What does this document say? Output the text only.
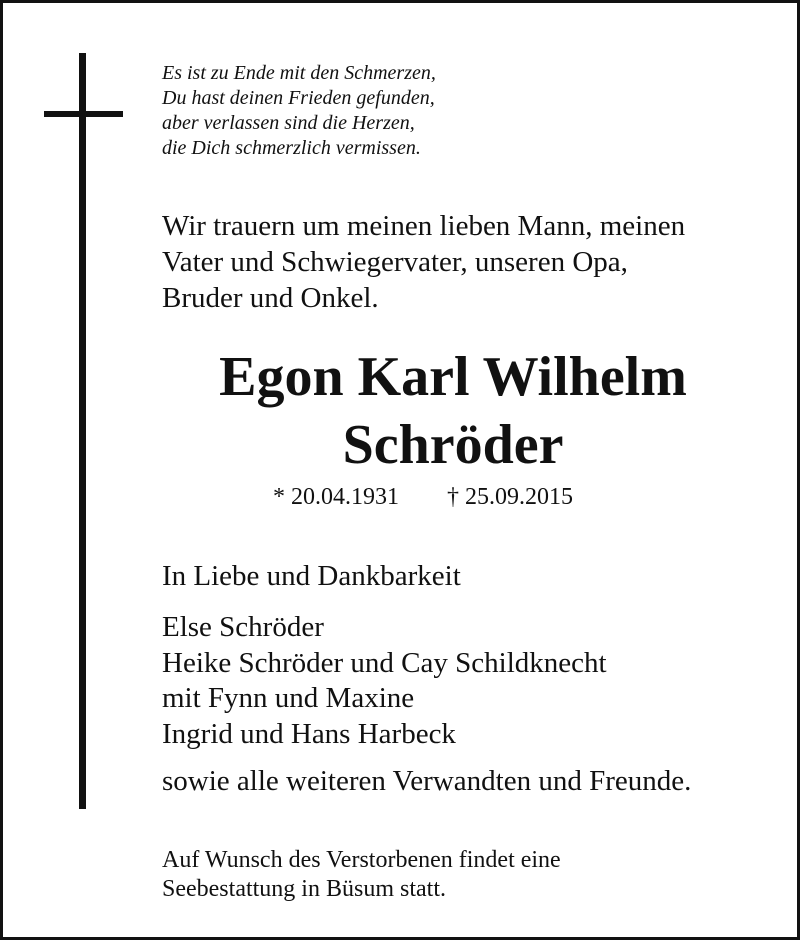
Es ist zu Ende mit den Schmerzen,
Du hast deinen Frieden gefunden,
aber verlassen sind die Herzen,
die Dich schmerzlich vermissen.
Wir trauern um meinen lieben Mann, meinen
Vater und Schwiegervater, unseren Opa,
Bruder und Onkel.
Egon Karl Wilhelm
Schröder
* 20.04.1931 † 25.09.2015
In Liebe und Dankbarkeit
Else Schröder
Heike Schröder und Cay Schildknecht
mit Fynn und Maxine
Ingrid und Hans Harbeck
sowie alle weiteren Verwandten und Freunde.
Auf Wunsch des Verstorbenen findet eine
Seebestattung in Büsum statt.
